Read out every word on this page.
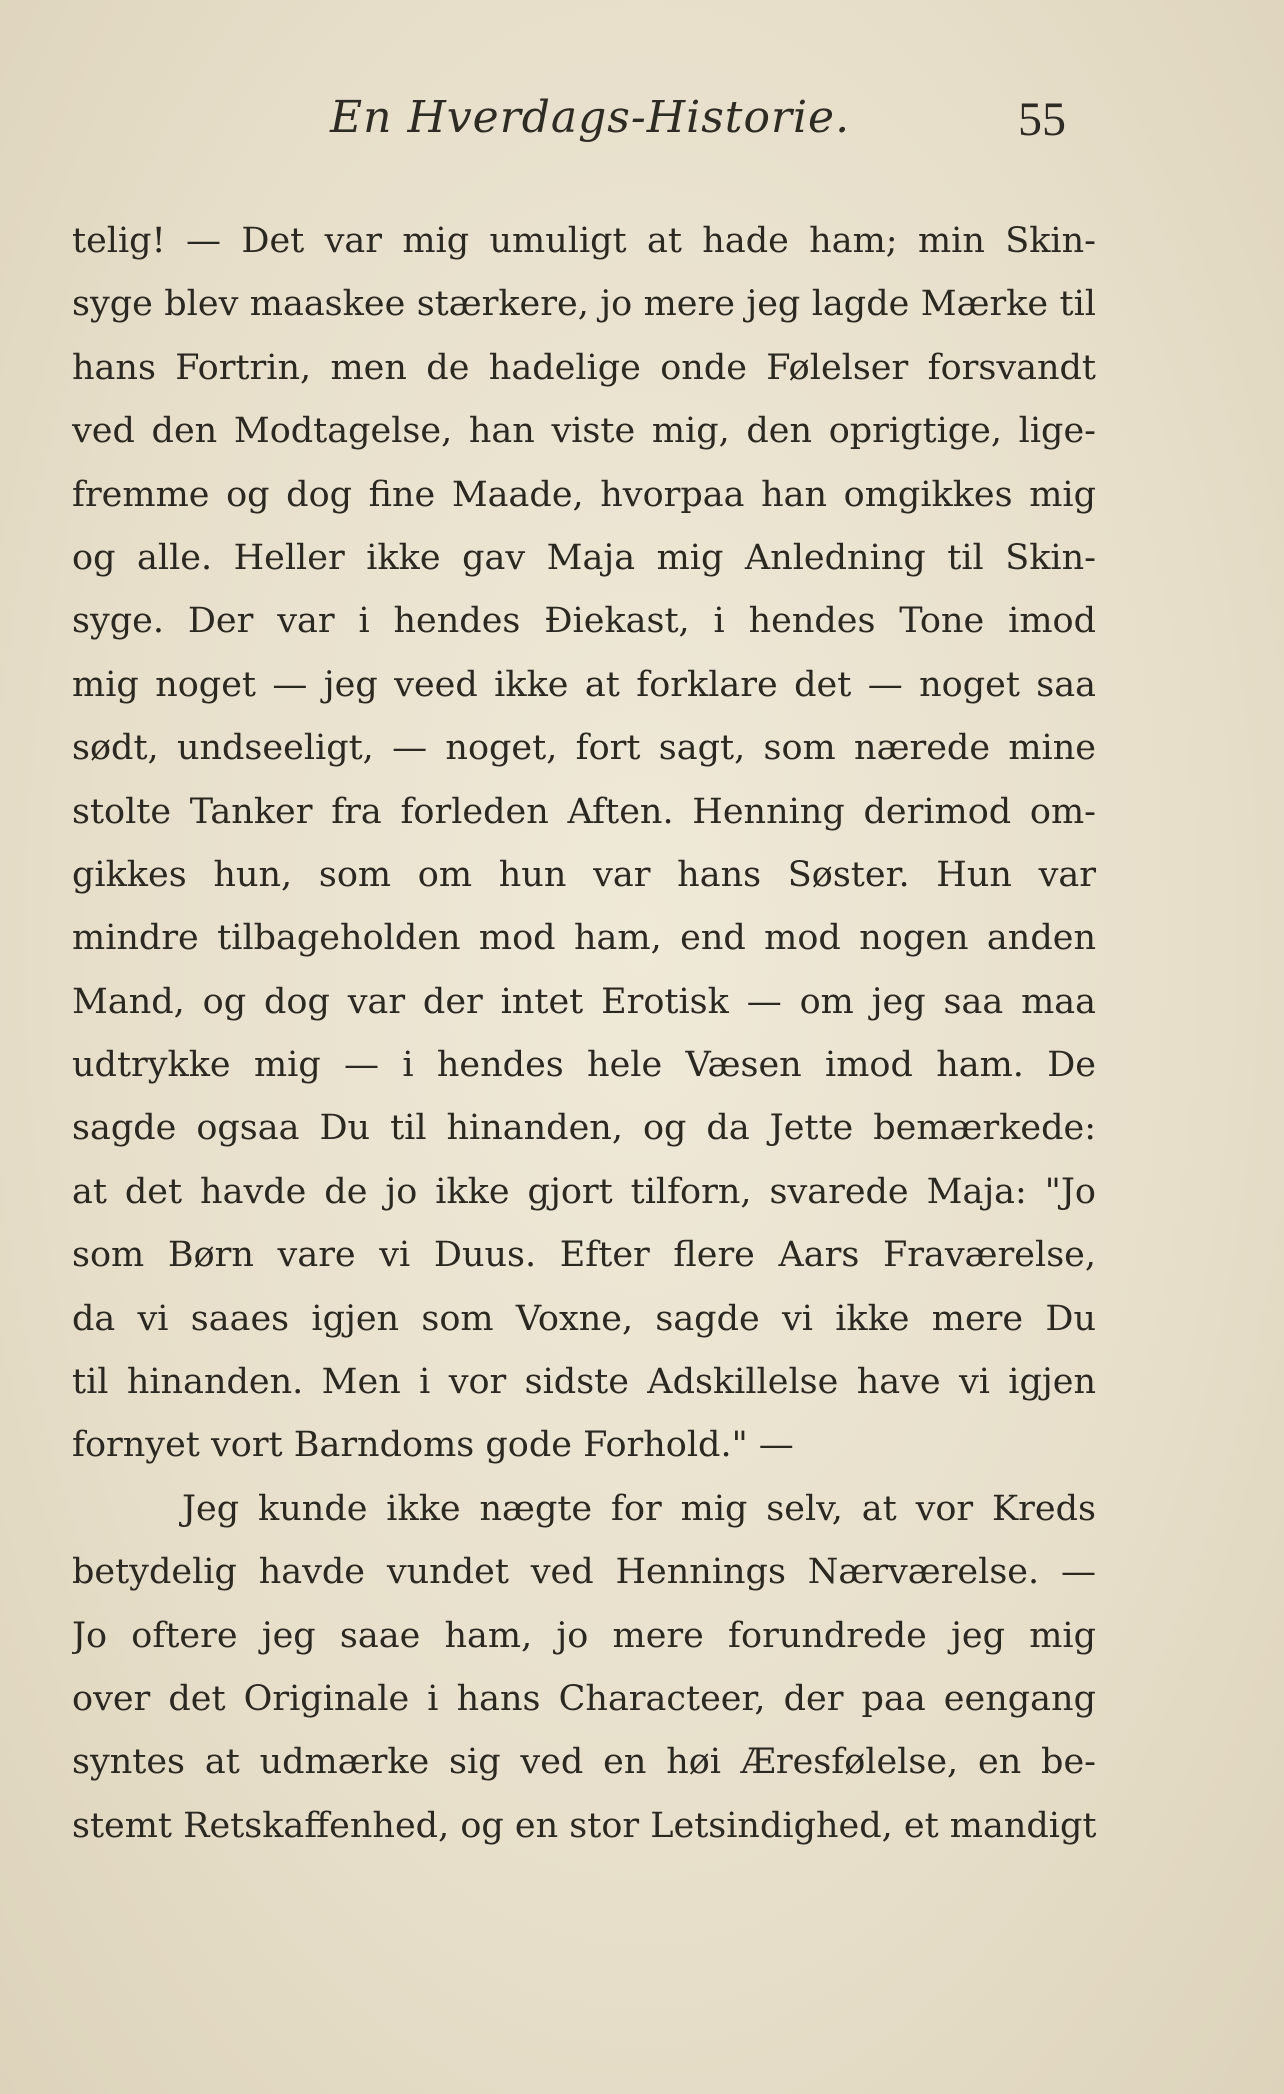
En Hverdags-Historie.	55
telig! — Det var mig umuligt at hade ham; min Skin-
syge blev maaskee stærkere, jo mere jeg lagde Mærke til
hans Fortrin, men de hadelige onde Følelser forsvandt
ved den Modtagelse, han viste mig, den oprigtige, lige-
fremme og dog fine Maade, hvorpaa han omgikkes mig
og alle. Heller ikke gav Maja mig Anledning til Skin-
syge. Der var i hendes Ðiekast, i hendes Tone imod
mig noget — jeg veed ikke at forklare det — noget saa
sødt, undseeligt, — noget, fort sagt, som nærede mine
stolte Tanker fra forleden Aften. Henning derimod om-
gikkes hun, som om hun var hans Søster. Hun var
mindre tilbageholden mod ham, end mod nogen anden
Mand, og dog var der intet Erotisk — om jeg saa maa
udtrykke mig — i hendes hele Væsen imod ham. De
sagde ogsaa Du til hinanden, og da Jette bemærkede:
at det havde de jo ikke gjort tilforn, svarede Maja: "Jo
som Børn vare vi Duus. Efter flere Aars Fraværelse,
da vi saaes igjen som Voxne, sagde vi ikke mere Du
til hinanden. Men i vor sidste Adskillelse have vi igjen
fornyet vort Barndoms gode Forhold." —
Jeg kunde ikke nægte for mig selv, at vor Kreds
betydelig havde vundet ved Hennings Nærværelse. —
Jo oftere jeg saae ham, jo mere forundrede jeg mig
over det Originale i hans Characteer, der paa eengang
syntes at udmærke sig ved en høi Æresfølelse, en be-
stemt Retskaffenhed, og en stor Letsindighed, et mandigt
